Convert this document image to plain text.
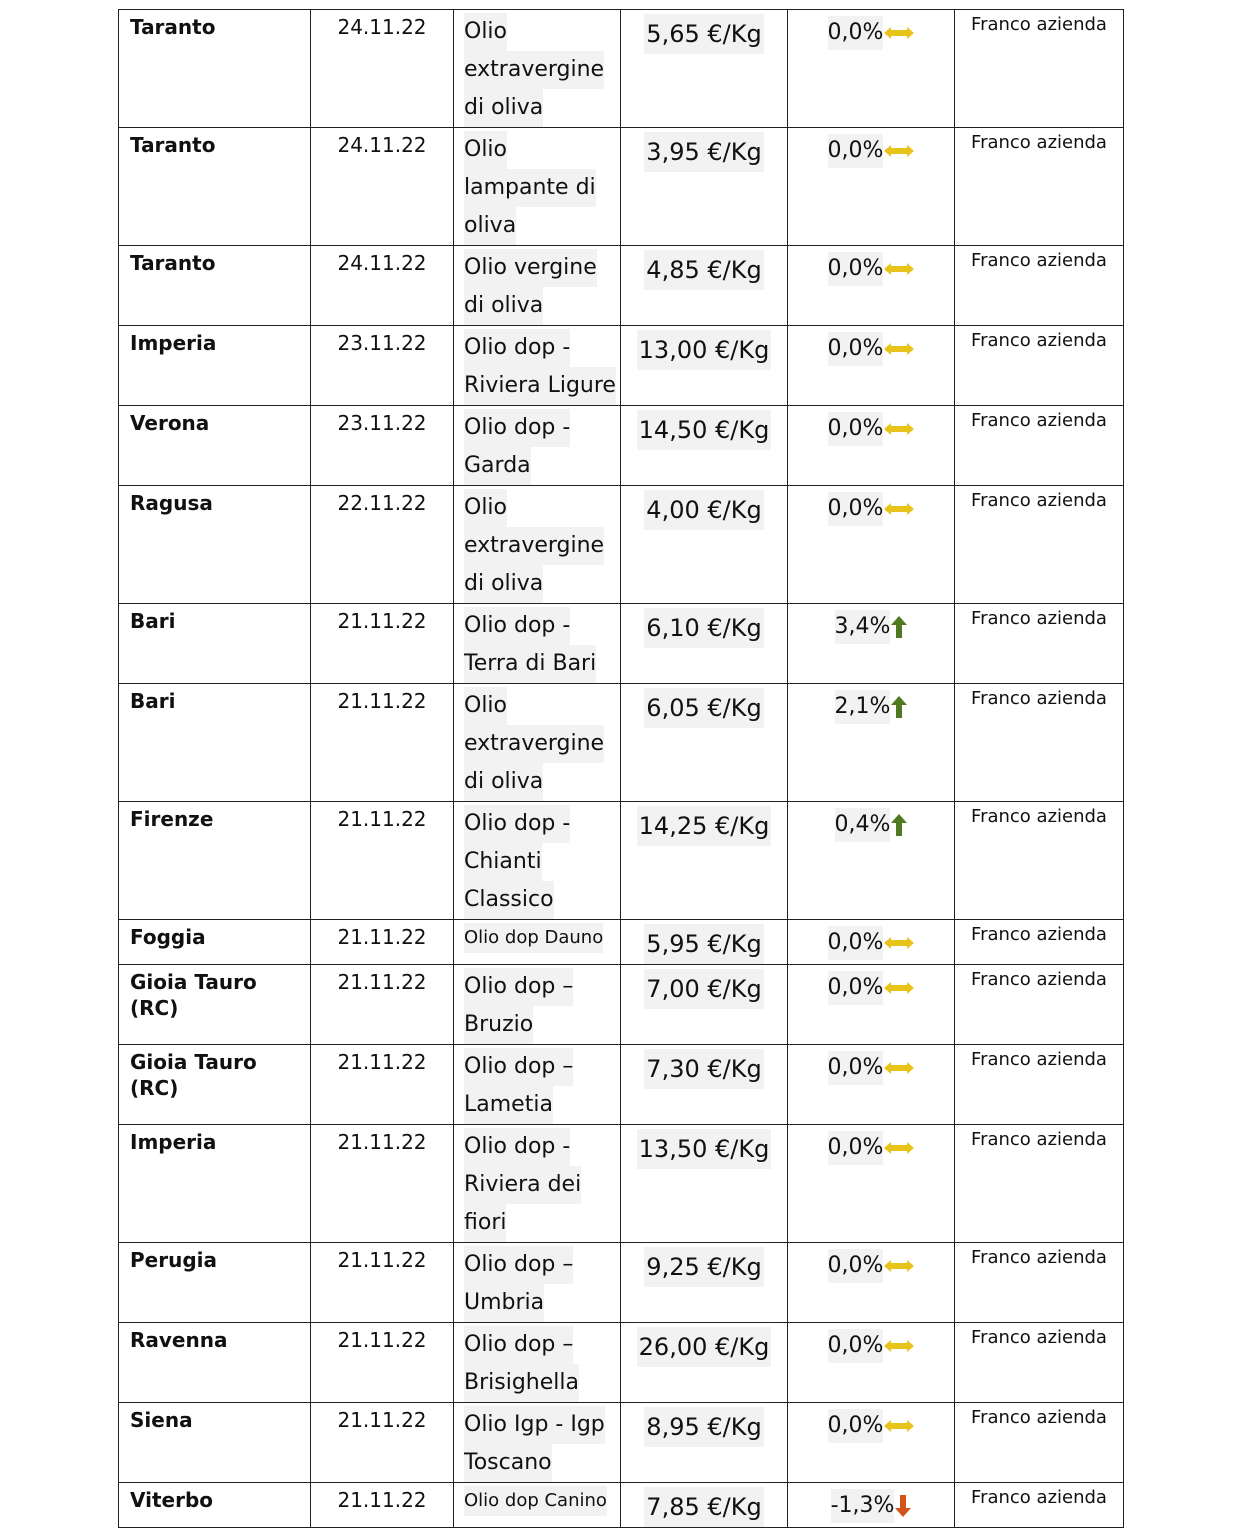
Taranto	24.11.22	Olio
extravergine
di oliva	5,65 €/Kg	0,0%	Franco azienda
Taranto	24.11.22	Olio
lampante di
oliva	3,95 €/Kg	0,0%	Franco azienda
Taranto	24.11.22	Olio vergine
di oliva	4,85 €/Kg	0,0%	Franco azienda
Imperia	23.11.22	Olio dop -
Riviera Ligure	13,00 €/Kg	0,0%	Franco azienda
Verona	23.11.22	Olio dop -
Garda	14,50 €/Kg	0,0%	Franco azienda
Ragusa	22.11.22	Olio
extravergine
di oliva	4,00 €/Kg	0,0%	Franco azienda
Bari	21.11.22	Olio dop -
Terra di Bari	6,10 €/Kg	3,4%	Franco azienda
Bari	21.11.22	Olio
extravergine
di oliva	6,05 €/Kg	2,1%	Franco azienda
Firenze	21.11.22	Olio dop -
Chianti
Classico	14,25 €/Kg	0,4%	Franco azienda
Foggia	21.11.22	Olio dop Dauno	5,95 €/Kg	0,0%	Franco azienda
Gioia Tauro (RC)	21.11.22	Olio dop –
Bruzio	7,00 €/Kg	0,0%	Franco azienda
Gioia Tauro (RC)	21.11.22	Olio dop –
Lametia	7,30 €/Kg	0,0%	Franco azienda
Imperia	21.11.22	Olio dop -
Riviera dei
fiori	13,50 €/Kg	0,0%	Franco azienda
Perugia	21.11.22	Olio dop –
Umbria	9,25 €/Kg	0,0%	Franco azienda
Ravenna	21.11.22	Olio dop –
Brisighella	26,00 €/Kg	0,0%	Franco azienda
Siena	21.11.22	Olio Igp - Igp
Toscano	8,95 €/Kg	0,0%	Franco azienda
Viterbo	21.11.22	Olio dop Canino	7,85 €/Kg	-1,3%	Franco azienda
